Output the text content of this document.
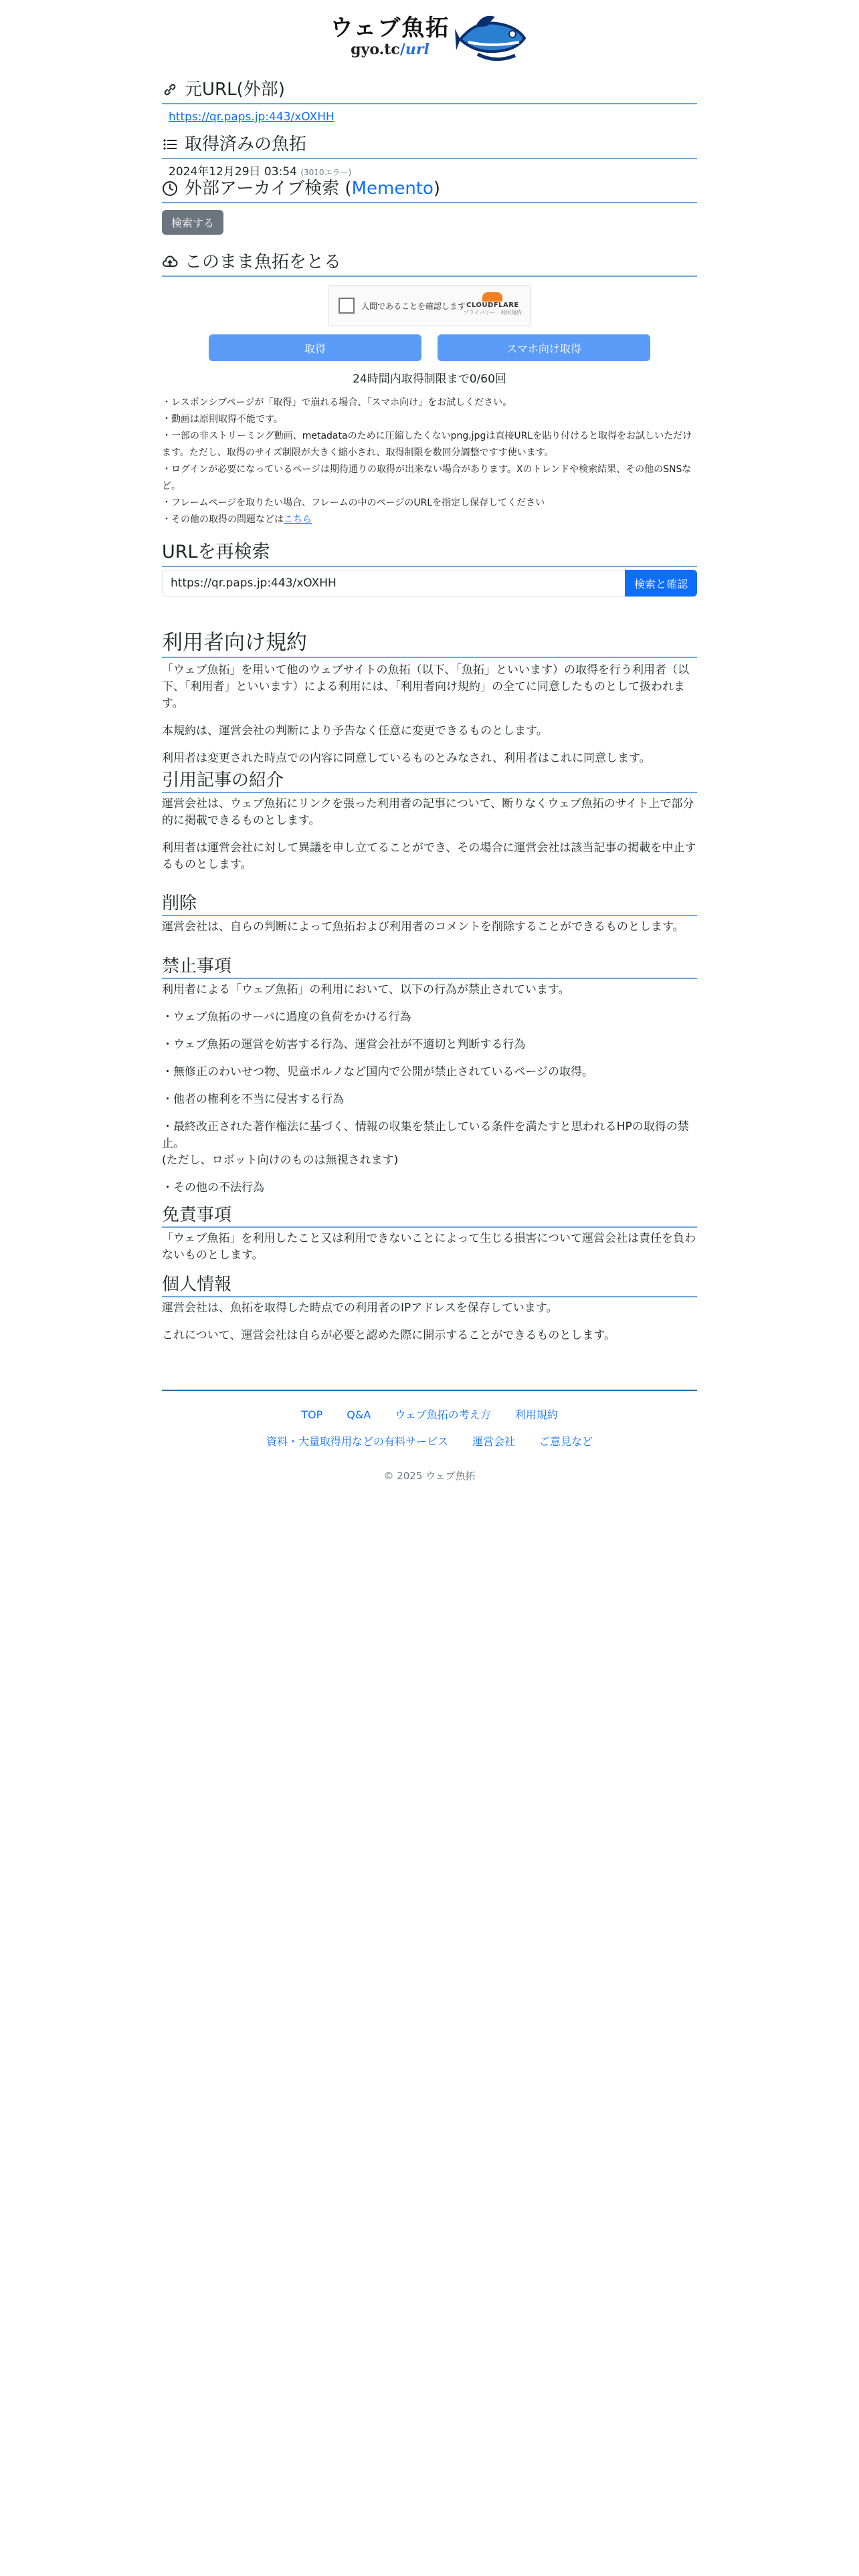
ウェブ魚拓
gyo.tc/url
元URL(外部)
https://qr.paps.jp:443/xOXHH
取得済みの魚拓
2024年12月29日 03:54 (3010エラー)
外部アーカイブ検索 ( Memento )
検索する
このまま魚拓をとる
人間であることを確認します CLOUDFLARE
プライバシー · 利用規約
取得	スマホ向け取得
24時間内取得制限まで0/60回
・レスポンシブページが「取得」で崩れる場合、「スマホ向け」をお試しください。
・動画は原則取得不能です。
・一部の非ストリーミング動画、metadataのために圧縮したくないpng,jpgは直接URLを貼り付けると取得をお試しいただけます。ただし、取得のサイズ制限が大きく縮小され、取得制限を数回分調整ですす使います。
・ログインが必要になっているページは期待通りの取得が出来ない場合があります。Xのトレンドや検索結果、その他のSNSなど。
・フレームページを取りたい場合、フレームの中のページのURLを指定し保存してください
・その他の取得の問題などはこちら
URLを再検索
https://qr.paps.jp:443/xOXHH	検索と確認
利用者向け規約

「ウェブ魚拓」を用いて他のウェブサイトの魚拓（以下、「魚拓」といいます）の取得を行う利用者（以下、「利用者」といいます）による利用には、「利用者向け規約」の全てに同意したものとして扱われます。

本規約は、運営会社の判断により予告なく任意に変更できるものとします。

利用者は変更された時点での内容に同意しているものとみなされ、利用者はこれに同意します。

引用記事の紹介

運営会社は、ウェブ魚拓にリンクを張った利用者の記事について、断りなくウェブ魚拓のサイト上で部分的に掲載できるものとします。

利用者は運営会社に対して異議を申し立てることができ、その場合に運営会社は該当記事の掲載を中止するものとします。

削除

運営会社は、自らの判断によって魚拓および利用者のコメントを削除することができるものとします。

禁止事項

利用者による「ウェブ魚拓」の利用において、以下の行為が禁止されています。

・ウェブ魚拓のサーバに過度の負荷をかける行為

・ウェブ魚拓の運営を妨害する行為、運営会社が不適切と判断する行為

・無修正のわいせつ物、児童ポルノなど国内で公開が禁止されているページの取得。

・他者の権利を不当に侵害する行為

・最終改正された著作権法に基づく、情報の収集を禁止している条件を満たすと思われるHPの取得の禁止。

(ただし、ロボット向けのものは無視されます)

・その他の不法行為

免責事項

「ウェブ魚拓」を利用したこと又は利用できないことによって生じる損害について運営会社は責任を負わないものとします。

個人情報

運営会社は、魚拓を取得した時点での利用者のIPアドレスを保存しています。

これについて、運営会社は自らが必要と認めた際に開示することができるものとします。

TOP Q&A ウェブ魚拓の考え方 利用規約
資料・大量取得用などの有料サービス 運営会社 ご意見など
© 2025 ウェブ魚拓
